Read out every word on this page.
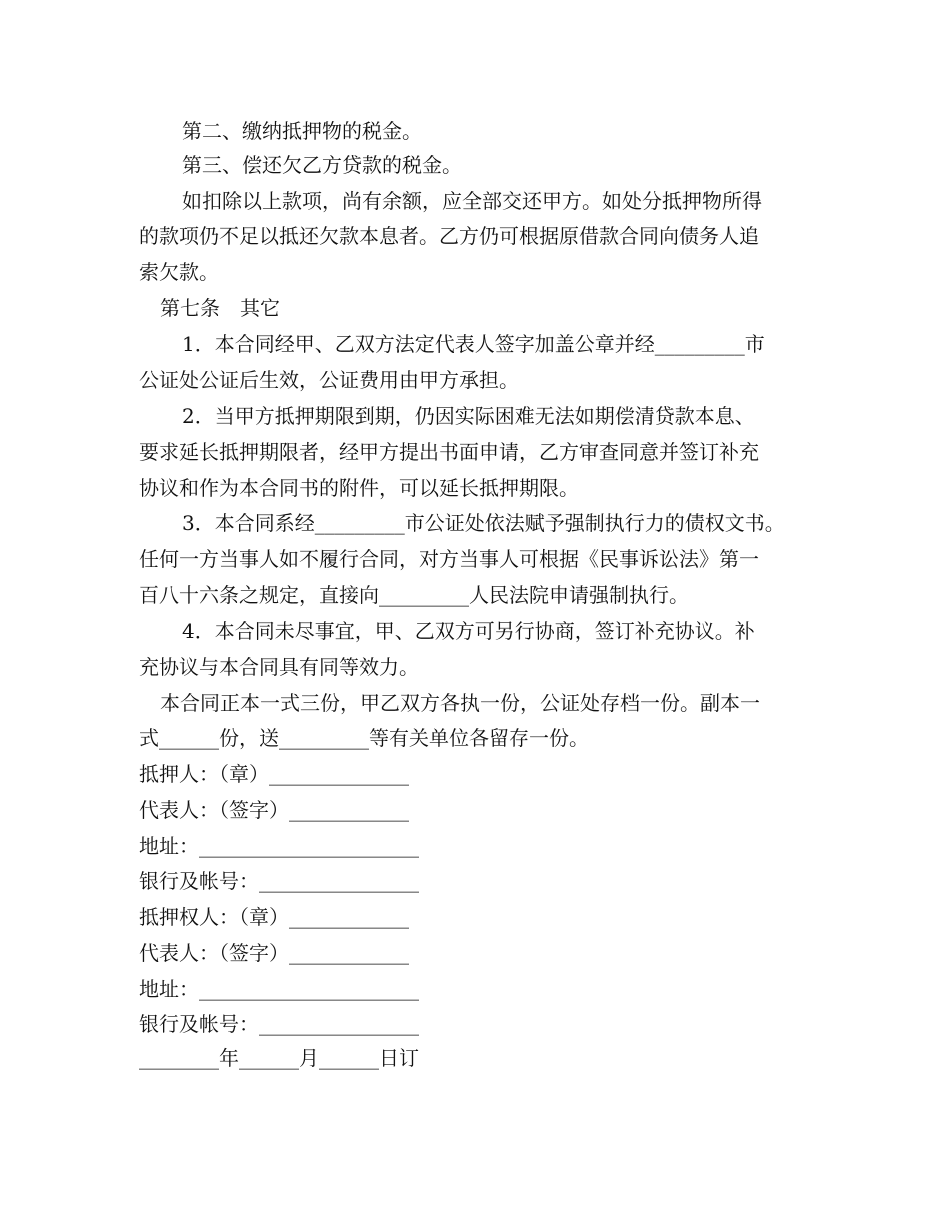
第二、缴纳抵押物的税金。
第三、偿还欠乙方贷款的税金。
如扣除以上款项，尚有余额，应全部交还甲方。如处分抵押物所得
的款项仍不足以抵还欠款本息者。乙方仍可根据原借款合同向债务人追
索欠款。
第七条　其它
1．本合同经甲、乙双方法定代表人签字加盖公章并经_________市
公证处公证后生效，公证费用由甲方承担。
2．当甲方抵押期限到期，仍因实际困难无法如期偿清贷款本息、
要求延长抵押期限者，经甲方提出书面申请，乙方审查同意并签订补充
协议和作为本合同书的附件，可以延长抵押期限。
3．本合同系经_________市公证处依法赋予强制执行力的债权文书。
任何一方当事人如不履行合同，对方当事人可根据《民事诉讼法》第一
百八十六条之规定，直接向_________人民法院申请强制执行。
4．本合同未尽事宜，甲、乙双方可另行协商，签订补充协议。补
充协议与本合同具有同等效力。
本合同正本一式三份，甲乙双方各执一份，公证处存档一份。副本一
式______份，送_________等有关单位各留存一份。
抵押人：（章）______________
代表人：（签字）____________
地址：______________________
银行及帐号：________________
抵押权人：（章）____________
代表人：（签字）____________
地址：______________________
银行及帐号：________________
________年______月______日订
